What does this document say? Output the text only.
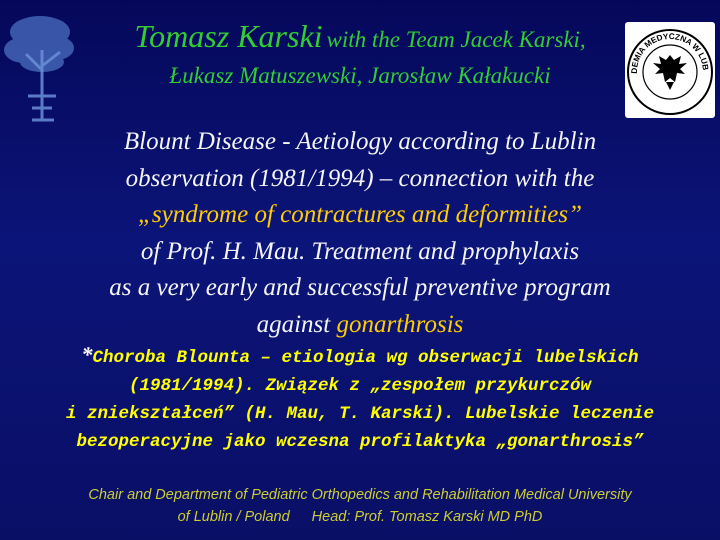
DEMIA MEDYCZNA W LUB
Tomasz Karski with the Team Jacek Karski,
Łukasz Matuszewski, Jarosław Kałakucki
Blount Disease - Aetiology according to Lublin
observation (1981/1994) – connection with the
„syndrome of contractures and deformities”
of Prof. H. Mau. Treatment and prophylaxis
as a very early and successful preventive program
against gonarthrosis
*Choroba Blounta – etiologia wg obserwacji lubelskich
(1981/1994). Związek z „zespołem przykurczów
i zniekształceń” (H. Mau, T. Karski). Lubelskie leczenie
bezoperacyjne jako wczesna profilaktyka „gonarthrosis”
Chair and Department of Pediatric Orthopedics and Rehabilitation Medical University
of Lublin / Poland Head: Prof. Tomasz Karski MD PhD
